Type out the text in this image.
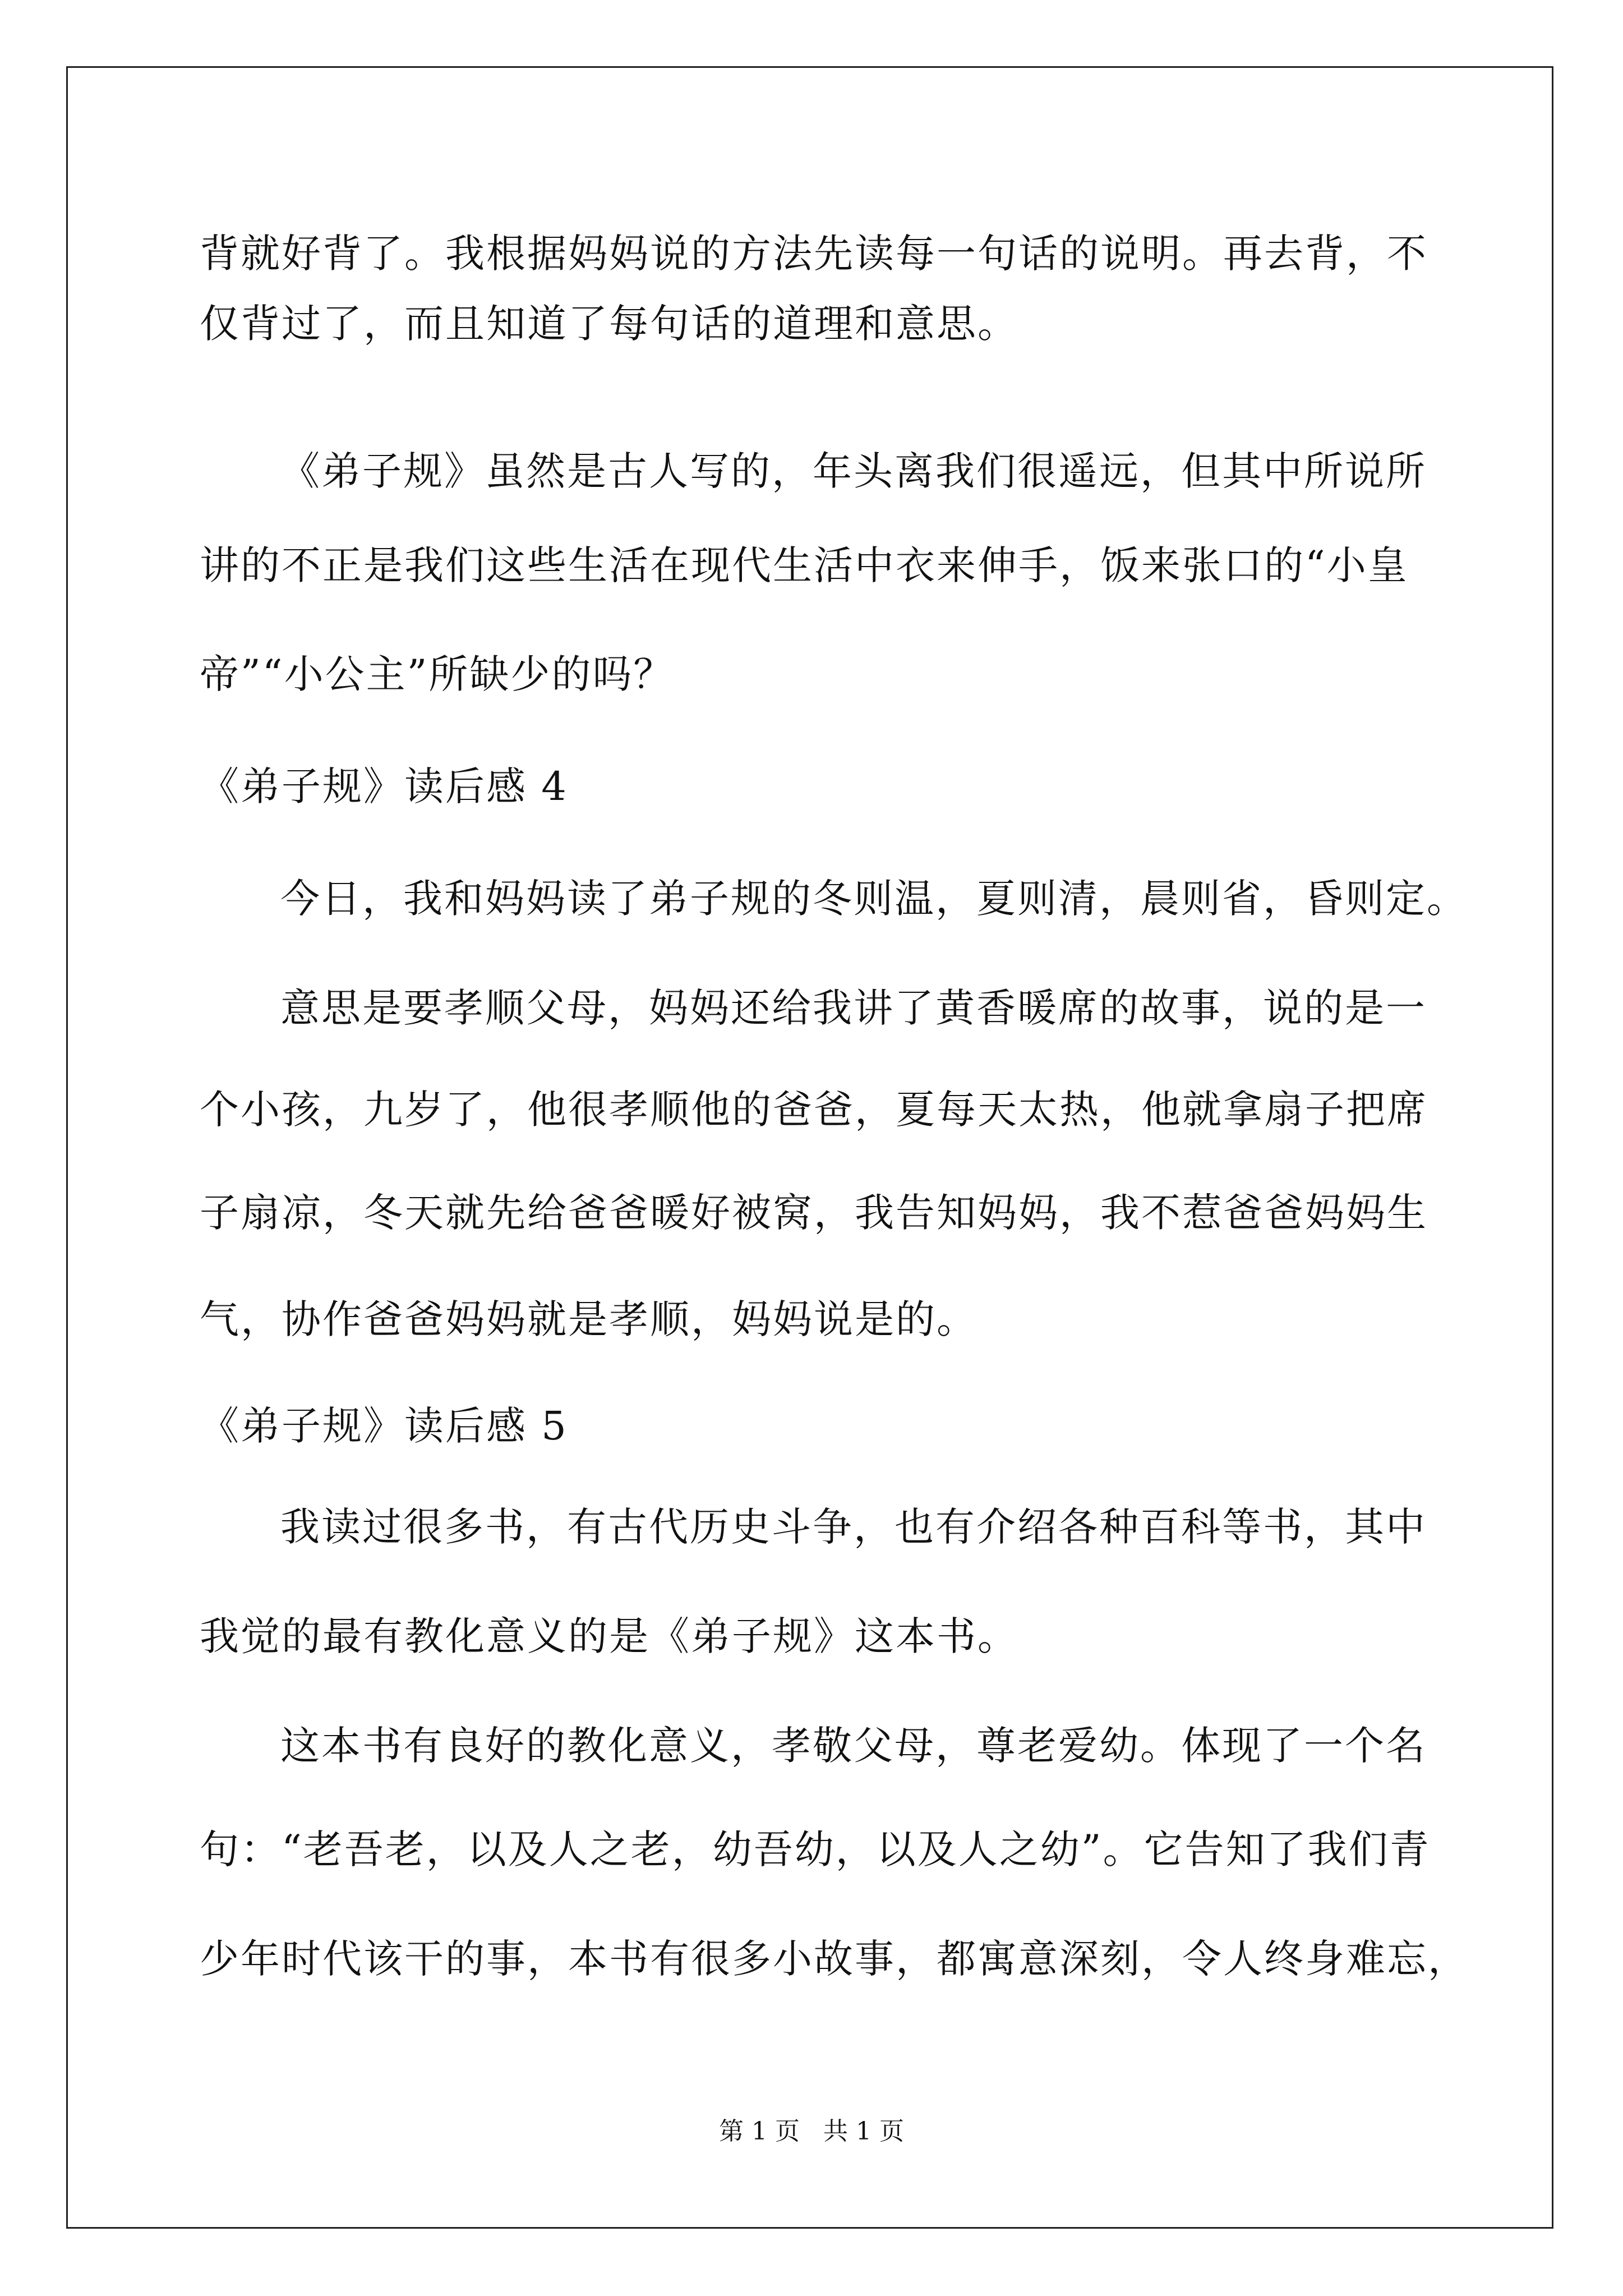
背就好背了。我根据妈妈说的方法先读每一句话的说明。再去背，不
仅背过了，而且知道了每句话的道理和意思。
《弟子规》虽然是古人写的，年头离我们很遥远，但其中所说所
讲的不正是我们这些生活在现代生活中衣来伸手，饭来张口的“小皇
帝”“小公主”所缺少的吗？
《弟子规》读后感 4
今日，我和妈妈读了弟子规的冬则温，夏则清，晨则省，昏则定。
意思是要孝顺父母，妈妈还给我讲了黄香暖席的故事，说的是一
个小孩，九岁了，他很孝顺他的爸爸，夏每天太热，他就拿扇子把席
子扇凉，冬天就先给爸爸暖好被窝，我告知妈妈，我不惹爸爸妈妈生
气，协作爸爸妈妈就是孝顺，妈妈说是的。
《弟子规》读后感 5
我读过很多书，有古代历史斗争，也有介绍各种百科等书，其中
我觉的最有教化意义的是《弟子规》这本书。
这本书有良好的教化意义，孝敬父母，尊老爱幼。体现了一个名
句：“老吾老，以及人之老，幼吾幼，以及人之幼”。它告知了我们青
少年时代该干的事，本书有很多小故事，都寓意深刻，令人终身难忘，
第 1 页   共 1 页
